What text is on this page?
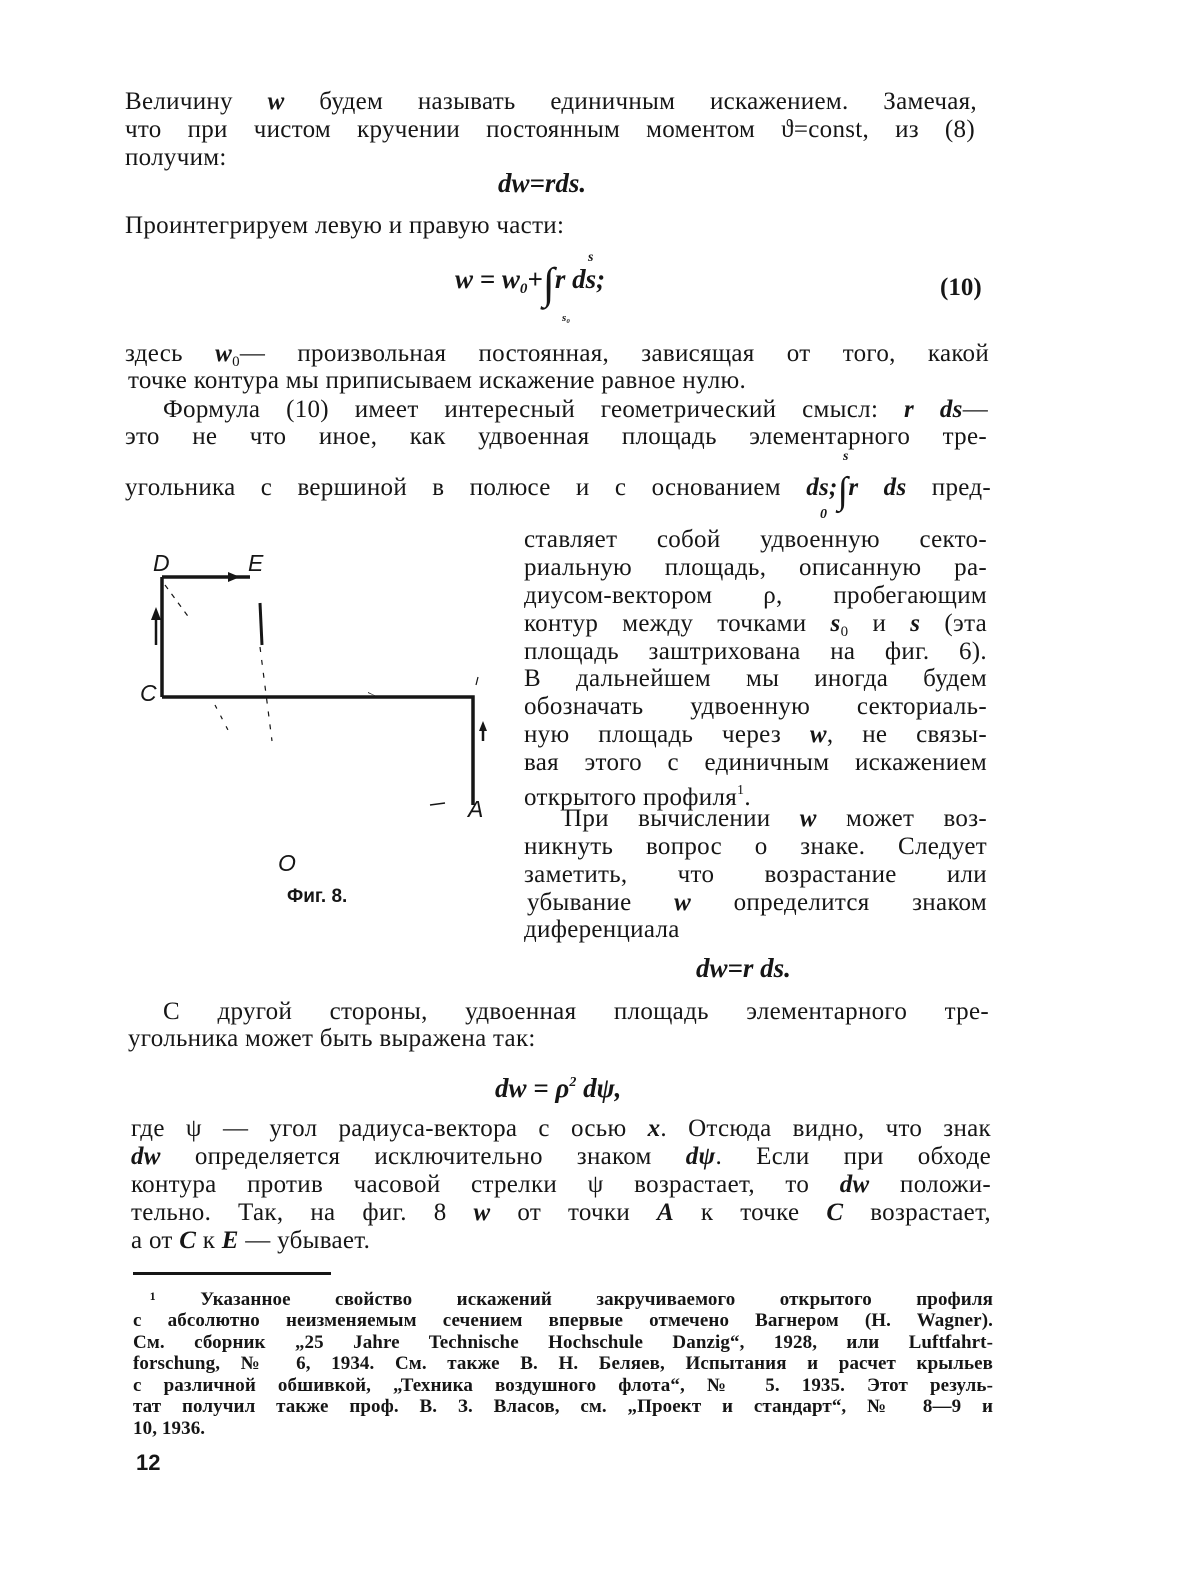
Величину w будем называть единичным искажением. Замечая,
что при чистом кручении постоянным моментом ϑ=const, из (8)
получим:
dw=rds.
Проинтегрируем левую и правую части:
s
$w = w_0+\int r$ ds;
s₀
(10)
здесь $w_0—$ произвольная постоянная, зависящая от того, какой
точке контура мы приписываем искажение равное нулю.
Формула (10) имеет интересный геометрический смысл: r ds—
это не что иное, как удвоенная площадь элементарного тре-
s
угольника с вершиной в полюсе и с основанием ds;∫r ds пред-
0
ставляет собой удвоенную секто-
риальную площадь, описанную ра-
диусом-вектором ρ, пробегающим
контур между точками $s_0$ и s (эта
площадь заштрихована на фиг. 6).
В дальнейшем мы иногда будем
обозначать удвоенную секториаль-
ную площадь через w, не связы-
вая этого с единичным искажением
открытого профиля$^1$.
При вычислении w может воз-
никнуть вопрос о знаке. Следует
заметить, что возрастание или
убывание w определится знаком
диференциала
dw=r ds.
D	E
C
A
O
Фиг. 8.
С другой стороны, удвоенная площадь элементарного тре-
угольника может быть выражена так:
dw = $\rho^2$ dψ,
где ψ — угол радиуса-вектора с осью x. Отсюда видно, что знак
dw определяется исключительно знаком dψ. Если при обходе
контура против часовой стрелки ψ возрастает, то dw положи-
тельно. Так, на фиг. 8 w от точки A к точке C возрастает,
а от C к E — убывает.
¹ Указанное свойство искажений закручиваемого открытого профиля
с абсолютно неизменяемым сечением впервые отмечено Вагнером (H. Wagner).
См. сборник „25 Jahre Technische Hochschule Danzig“, 1928, или Luftfahrt-
forschung, № 6, 1934. См. также В. Н. Беляев, Испытания и расчет крыльев
с различной обшивкой, „Техника воздушного флота“, № 5. 1935. Этот резуль-
тат получил также проф. В. З. Власов, см. „Проект и стандарт“, № 8—9 и
10, 1936.
12
